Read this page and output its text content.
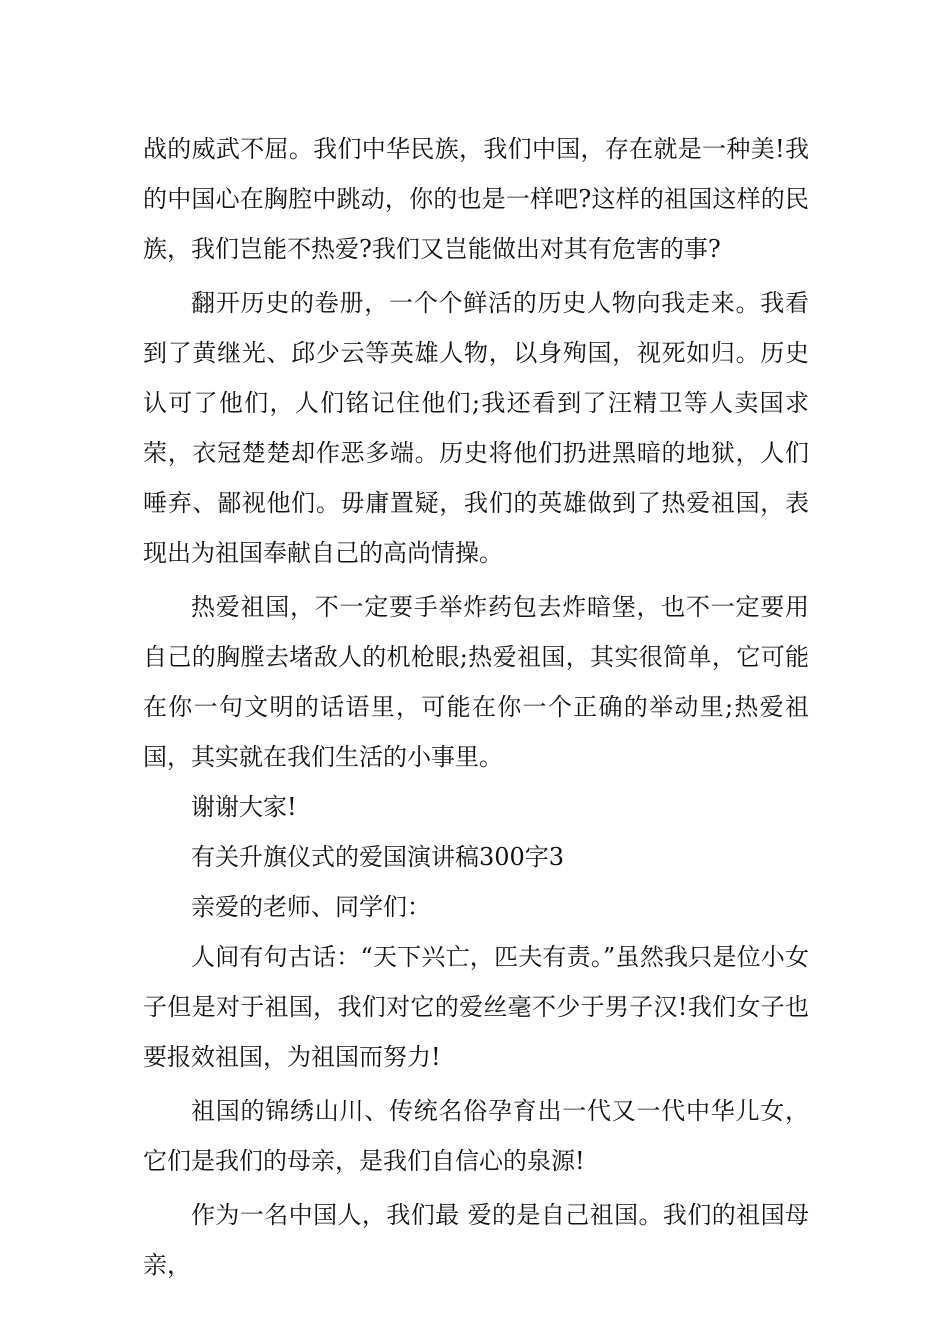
战的威武不屈。我们中华民族，我们中国，存在就是一种美!我的中国心在胸腔中跳动，你的也是一样吧?这样的祖国这样的民族，我们岂能不热爱?我们又岂能做出对其有危害的事?

翻开历史的卷册，一个个鲜活的历史人物向我走来。我看到了黄继光、邱少云等英雄人物，以身殉国，视死如归。历史认可了他们，人们铭记住他们;我还看到了汪精卫等人卖国求荣，衣冠楚楚却作恶多端。历史将他们扔进黑暗的地狱，人们唾弃、鄙视他们。毋庸置疑，我们的英雄做到了热爱祖国，表现出为祖国奉献自己的高尚情操。

热爱祖国，不一定要手举炸药包去炸暗堡，也不一定要用自己的胸膛去堵敌人的机枪眼;热爱祖国，其实很简单，它可能在你一句文明的话语里，可能在你一个正确的举动里;热爱祖国，其实就在我们生活的小事里。

谢谢大家!

有关升旗仪式的爱国演讲稿300字3

亲爱的老师、同学们：

人间有句古话：“天下兴亡，匹夫有责。”虽然我只是位小女子但是对于祖国，我们对它的爱丝毫不少于男子汉!我们女子也要报效祖国，为祖国而努力!

祖国的锦绣山川、传统名俗孕育出一代又一代中华儿女，它们是我们的母亲，是我们自信心的泉源!

作为一名中国人，我们最 爱的是自己祖国。我们的祖国母亲，
